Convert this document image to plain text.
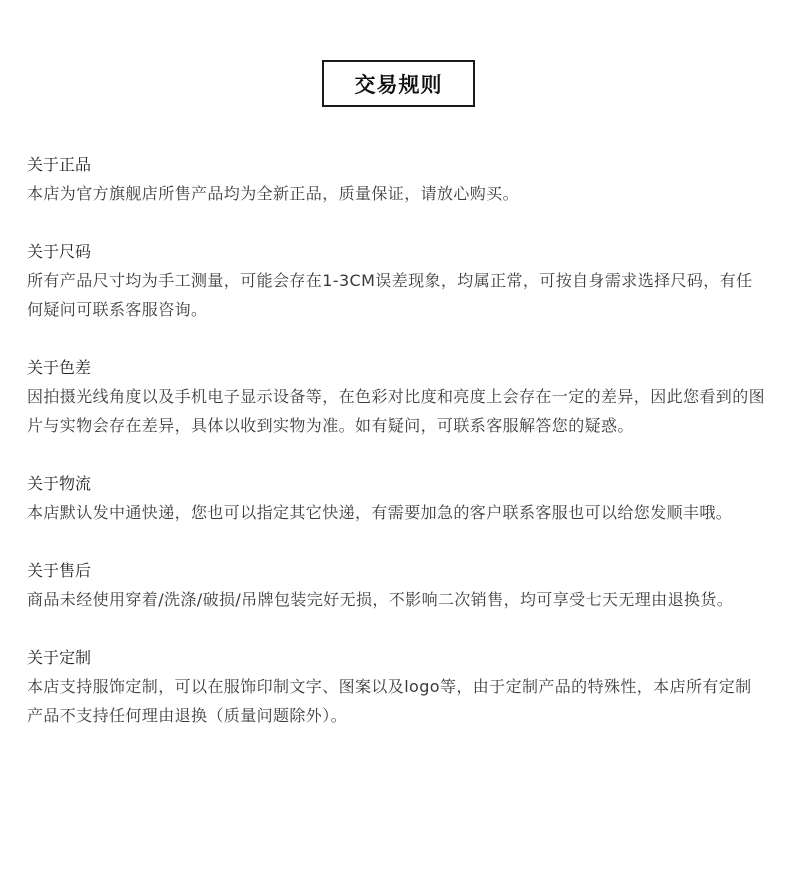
交易规则
关于正品
本店为官方旗舰店所售产品均为全新正品，质量保证，请放心购买。
关于尺码
所有产品尺寸均为手工测量，可能会存在1-3CM误差现象，均属正常，可按自身需求选择尺码，有任何疑问可联系客服咨询。
关于色差
因拍摄光线角度以及手机电子显示设备等，在色彩对比度和亮度上会存在一定的差异，因此您看到的图片与实物会存在差异，具体以收到实物为准。如有疑问，可联系客服解答您的疑惑。
关于物流
本店默认发中通快递，您也可以指定其它快递，有需要加急的客户联系客服也可以给您发顺丰哦。
关于售后
商品未经使用穿着/洗涤/破损/吊牌包装完好无损，不影响二次销售，均可享受七天无理由退换货。
关于定制
本店支持服饰定制，可以在服饰印制文字、图案以及logo等，由于定制产品的特殊性，本店所有定制产品不支持任何理由退换（质量问题除外）。
